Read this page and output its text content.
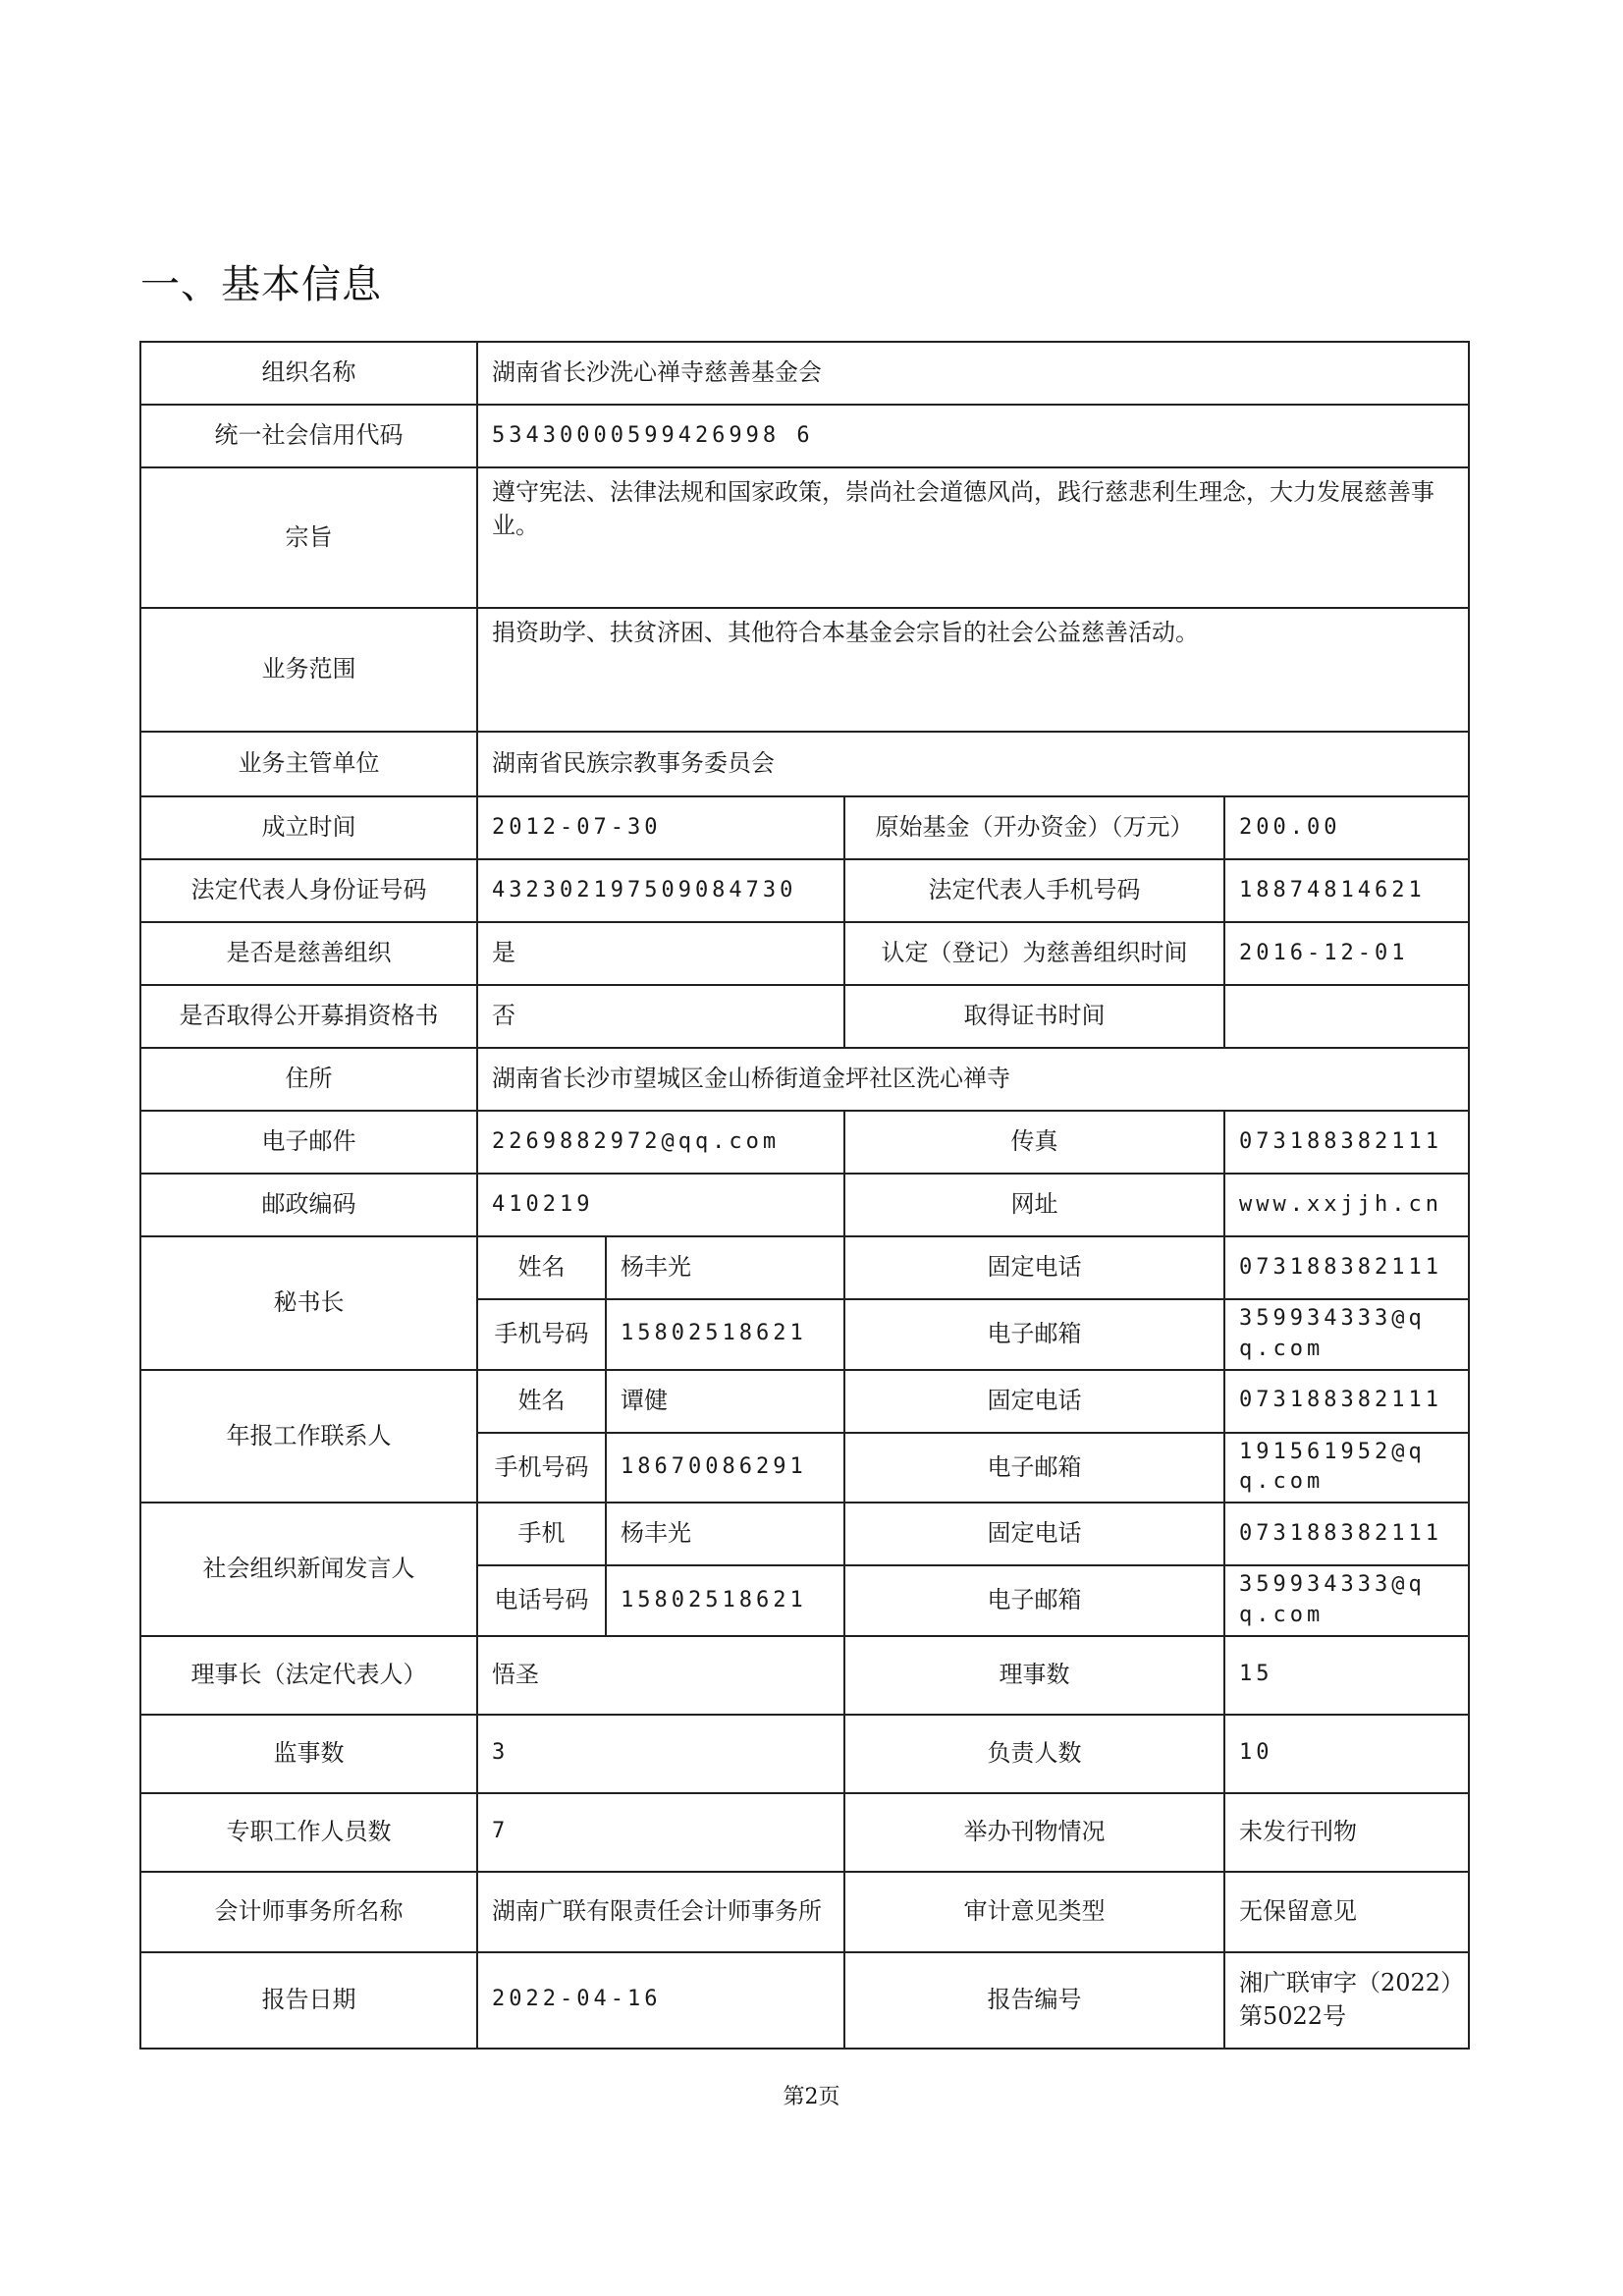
一、基本信息
组织名称	湖南省长沙洗心禅寺慈善基金会			
统一社会信用代码	53430000599426998 6			
宗旨	遵守宪法、法律法规和国家政策，崇尚社会道德风尚，践行慈悲利生理念，大力发展慈善事业。			
业务范围	捐资助学、扶贫济困、其他符合本基金会宗旨的社会公益慈善活动。			
业务主管单位	湖南省民族宗教事务委员会			
成立时间	2012-07-30		原始基金（开办资金）（万元）	200.00
法定代表人身份证号码	432302197509084730		法定代表人手机号码	18874814621
是否是慈善组织	是		认定（登记）为慈善组织时间	2016-12-01
是否取得公开募捐资格书	否		取得证书时间	
住所	湖南省长沙市望城区金山桥街道金坪社区洗心禅寺			
电子邮件	2269882972@qq.com		传真	073188382111
邮政编码	410219		网址	www.xxjjh.cn
秘书长	姓名	杨丰光	固定电话	073188382111
	手机号码	15802518621	电子邮箱	359934333@qq.com
年报工作联系人	姓名	谭健	固定电话	073188382111
	手机号码	18670086291	电子邮箱	191561952@qq.com
社会组织新闻发言人	手机	杨丰光	固定电话	073188382111
	电话号码	15802518621	电子邮箱	359934333@qq.com
理事长（法定代表人）	悟圣		理事数	15
监事数	3		负责人数	10
专职工作人员数	7		举办刊物情况	未发行刊物
会计师事务所名称	湖南广联有限责任会计师事务所		审计意见类型	无保留意见
报告日期	2022-04-16		报告编号	湘广联审字（2022）第5022号
第2页
